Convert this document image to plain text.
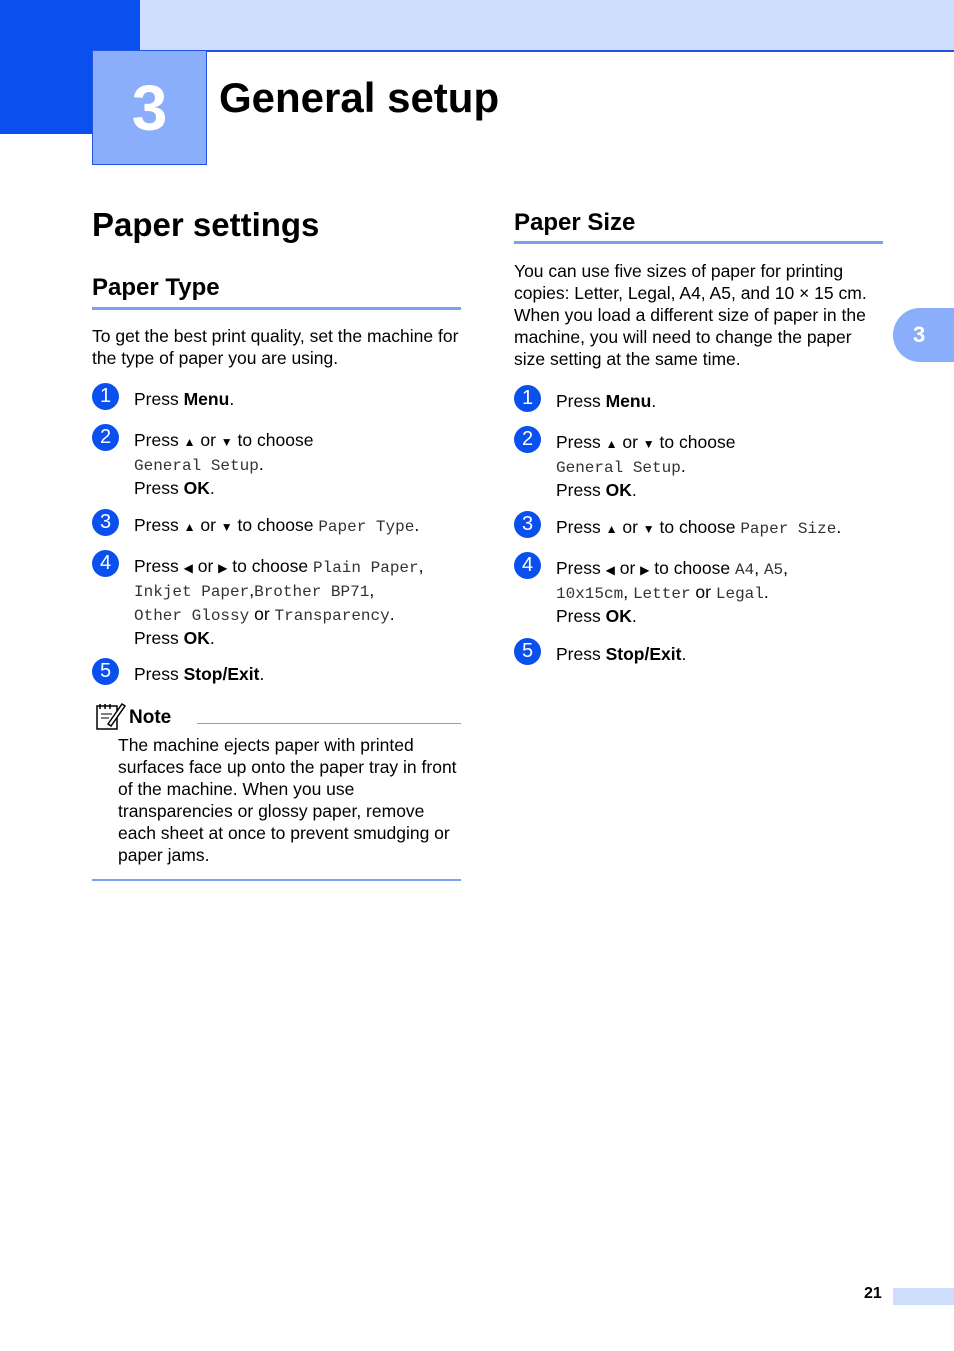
3	General setup
3
Paper settings
Paper Type

To get the best print quality, set the machine for the type of paper you are using.

1	Press Menu.
2	Press ▲ or ▼ to choose
General Setup.
Press OK.
3	Press ▲ or ▼ to choose Paper Type.
4	Press ◀ or ▶ to choose Plain Paper,
Inkjet Paper,Brother BP71,
Other Glossy or Transparency.
Press OK.
5	Press Stop/Exit.
Note

The machine ejects paper with printed surfaces face up onto the paper tray in front of the machine. When you use transparencies or glossy paper, remove each sheet at once to prevent smudging or paper jams.

Paper Size

You can use five sizes of paper for printing copies: Letter, Legal, A4, A5, and 10 × 15 cm. When you load a different size of paper in the machine, you will need to change the paper size setting at the same time.

1	Press Menu.
2	Press ▲ or ▼ to choose
General Setup.
Press OK.
3	Press ▲ or ▼ to choose Paper Size.
4	Press ◀ or ▶ to choose A4, A5,
10x15cm, Letter or Legal.
Press OK.
5	Press Stop/Exit.
21
